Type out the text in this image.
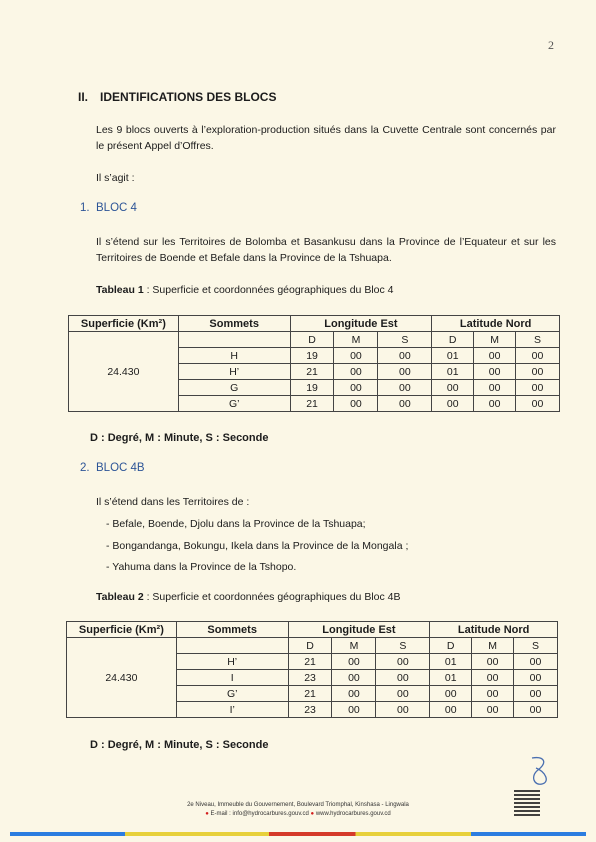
2
II. IDENTIFICATIONS DES BLOCS
Les 9 blocs ouverts à l’exploration-production situés dans la Cuvette Centrale sont concernés par le présent Appel d’Offres.
Il s’agit :
1. BLOC 4
Il s’étend sur les Territoires de Bolomba et Basankusu dans la Province de l’Equateur et sur les Territoires de Boende et Befale dans la Province de la Tshuapa.
Tableau 1 : Superficie et coordonnées géographiques du Bloc 4
Superficie (Km²)	Sommets	Longitude Est			Latitude Nord		
24.430		D	M	S	D	M	S
	H	19	00	00	01	00	00
	H’	21	00	00	01	00	00
	G	19	00	00	00	00	00
	G’	21	00	00	00	00	00
D : Degré, M : Minute, S : Seconde
2. BLOC 4B
Il s’étend dans les Territoires de :
- Befale, Boende, Djolu dans la Province de la Tshuapa;
- Bongandanga, Bokungu, Ikela dans la Province de la Mongala ;
- Yahuma dans la Province de la Tshopo.
Tableau 2 : Superficie et coordonnées géographiques du Bloc 4B
Superficie (Km²)	Sommets	Longitude Est			Latitude Nord		
24.430		D	M	S	D	M	S
	H’	21	00	00	01	00	00
	I	23	00	00	01	00	00
	G’	21	00	00	00	00	00
	I’	23	00	00	00	00	00
D : Degré, M : Minute, S : Seconde
2e Niveau, Immeuble du Gouvernement, Boulevard Triomphal, Kinshasa - Lingwala
● E-mail : info@hydrocarbures.gouv.cd ● www.hydrocarbures.gouv.cd
